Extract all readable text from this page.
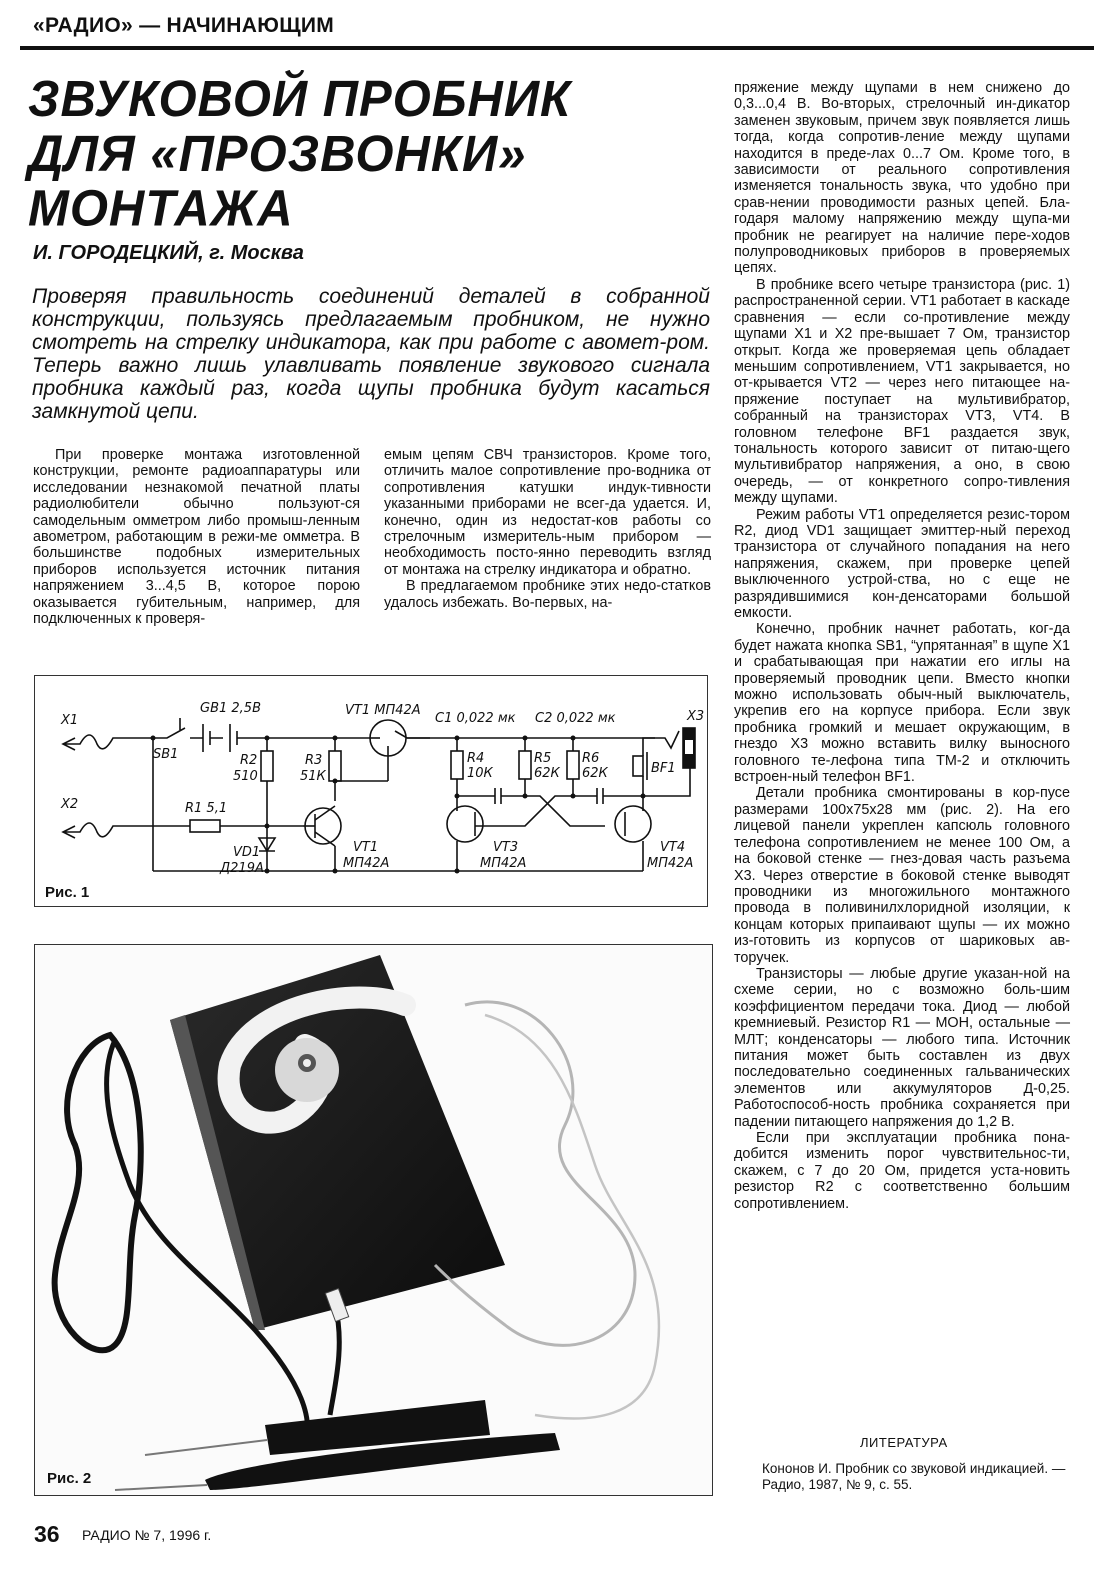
«РАДИО» — НАЧИНАЮЩИМ
ЗВУКОВОЙ ПРОБНИК
ДЛЯ «ПРОЗВОНКИ»
МОНТАЖА
И. ГОРОДЕЦКИЙ, г. Москва

Проверяя правильность соединений деталей в собранной конструкции, пользуясь предлагаемым пробником, не нужно смотреть на стрелку индикатора, как при работе с авомет-ром. Теперь важно лишь улавливать появление звукового сигнала пробника каждый раз, когда щупы пробника будут касаться замкнутой цепи.

При проверке монтажа изготовленной конструкции, ремонте радиоаппаратуры или исследовании незнакомой печатной платы радиолюбители обычно пользуют-ся самодельным омметром либо промыш-ленным авометром, работающим в режи-ме омметра. В большинстве подобных измерительных приборов используется источник питания напряжением 3...4,5 В, которое порою оказывается губительным, например, для подключенных к проверя-

емым цепям СВЧ транзисторов. Кроме того, отличить малое сопротивление про-водника от сопротивления катушки индук-тивности указанными приборами не всег-да удается. И, конечно, один из недостат-ков работы со стрелочным измеритель-ным прибором — необходимость посто-янно переводить взгляд от монтажа на стрелку индикатора и обратно.

В предлагаемом пробнике этих недо-статков удалось избежать. Во-первых, на-

пряжение между щупами в нем снижено до 0,3...0,4 В. Во-вторых, стрелочный ин-дикатор заменен звуковым, причем звук появляется лишь тогда, когда сопротив-ление между щупами находится в преде-лах 0...7 Ом. Кроме того, в зависимости от реального сопротивления изменяется тональность звука, что удобно при срав-нении проводимости разных цепей. Бла-годаря малому напряжению между щупа-ми пробник не реагирует на наличие пере-ходов полупроводниковых приборов в проверяемых цепях.

В пробнике всего четыре транзистора (рис. 1) распространенной серии. VT1 работает в каскаде сравнения — если со-противление между щупами X1 и X2 пре-вышает 7 Ом, транзистор открыт. Когда же проверяемая цепь обладает меньшим сопротивлением, VT1 закрывается, но от-крывается VT2 — через него питающее на-пряжение поступает на мультивибратор, собранный на транзисторах VT3, VT4. В головном телефоне BF1 раздается звук, тональность которого зависит от питаю-щего мультивибратор напряжения, а оно, в свою очередь, — от конкретного сопро-тивления между щупами.

Режим работы VT1 определяется резис-тором R2, диод VD1 защищает эмиттер-ный переход транзистора от случайного попадания на него напряжения, скажем, при проверке цепей выключенного устрой-ства, но с еще не разрядившимися кон-денсаторами большой емкости.

Конечно, пробник начнет работать, ког-да будет нажата кнопка SB1, “упрятанная” в щупе X1 и срабатывающая при нажатии его иглы на проверяемый проводник цепи. Вместо кнопки можно использовать обыч-ный выключатель, укрепив его на корпусе прибора. Если звук пробника громкий и мешает окружающим, в гнездо X3 можно вставить вилку выносного головного те-лефона типа ТМ-2 и отключить встроен-ный телефон BF1.

Детали пробника смонтированы в кор-пусе размерами 100x75x28 мм (рис. 2). На его лицевой панели укреплен капсюль головного телефона сопротивлением не менее 100 Ом, а на боковой стенке — гнез-довая часть разъема X3. Через отверстие в боковой стенке выводят проводники из многожильного монтажного провода в поливинилхлоридной изоляции, к концам которых припаивают щупы — их можно из-готовить из корпусов от шариковых ав-торучек.

Транзисторы — любые другие указан-ной на схеме серии, но с возможно боль-шим коэффициентом передачи тока. Диод — любой кремниевый. Резистор R1 — МОН, остальные — МЛТ; конденсаторы — любого типа. Источник питания может быть составлен из двух последовательно соединенных гальванических элементов или аккумуляторов Д-0,25. Работоспособ-ность пробника сохраняется при падении питающего напряжения до 1,2 В.

Если при эксплуатации пробника пона-добится изменить порог чувствительнос-ти, скажем, с 7 до 20 Ом, придется уста-новить резистор R2 с соответственно большим сопротивлением.

ЛИТЕРАТУРА
Кононов И. Пробник со звуковой индикацией. — Радио, 1987, № 9, с. 55.
X1
X2
SB1
GB1 2,5В
R1 5,1
R2
510
R3
51К
VD1
Д219А
VT1 МП42А
VT1
МП42А
C1 0,022 мк C2 0,022 мк
R4
10К
R5
62К
R6
62К
VT3
МП42А
VT4
МП42А
BF1
X3
Рис. 1
Рис. 2
36 РАДИО № 7, 1996 г.
